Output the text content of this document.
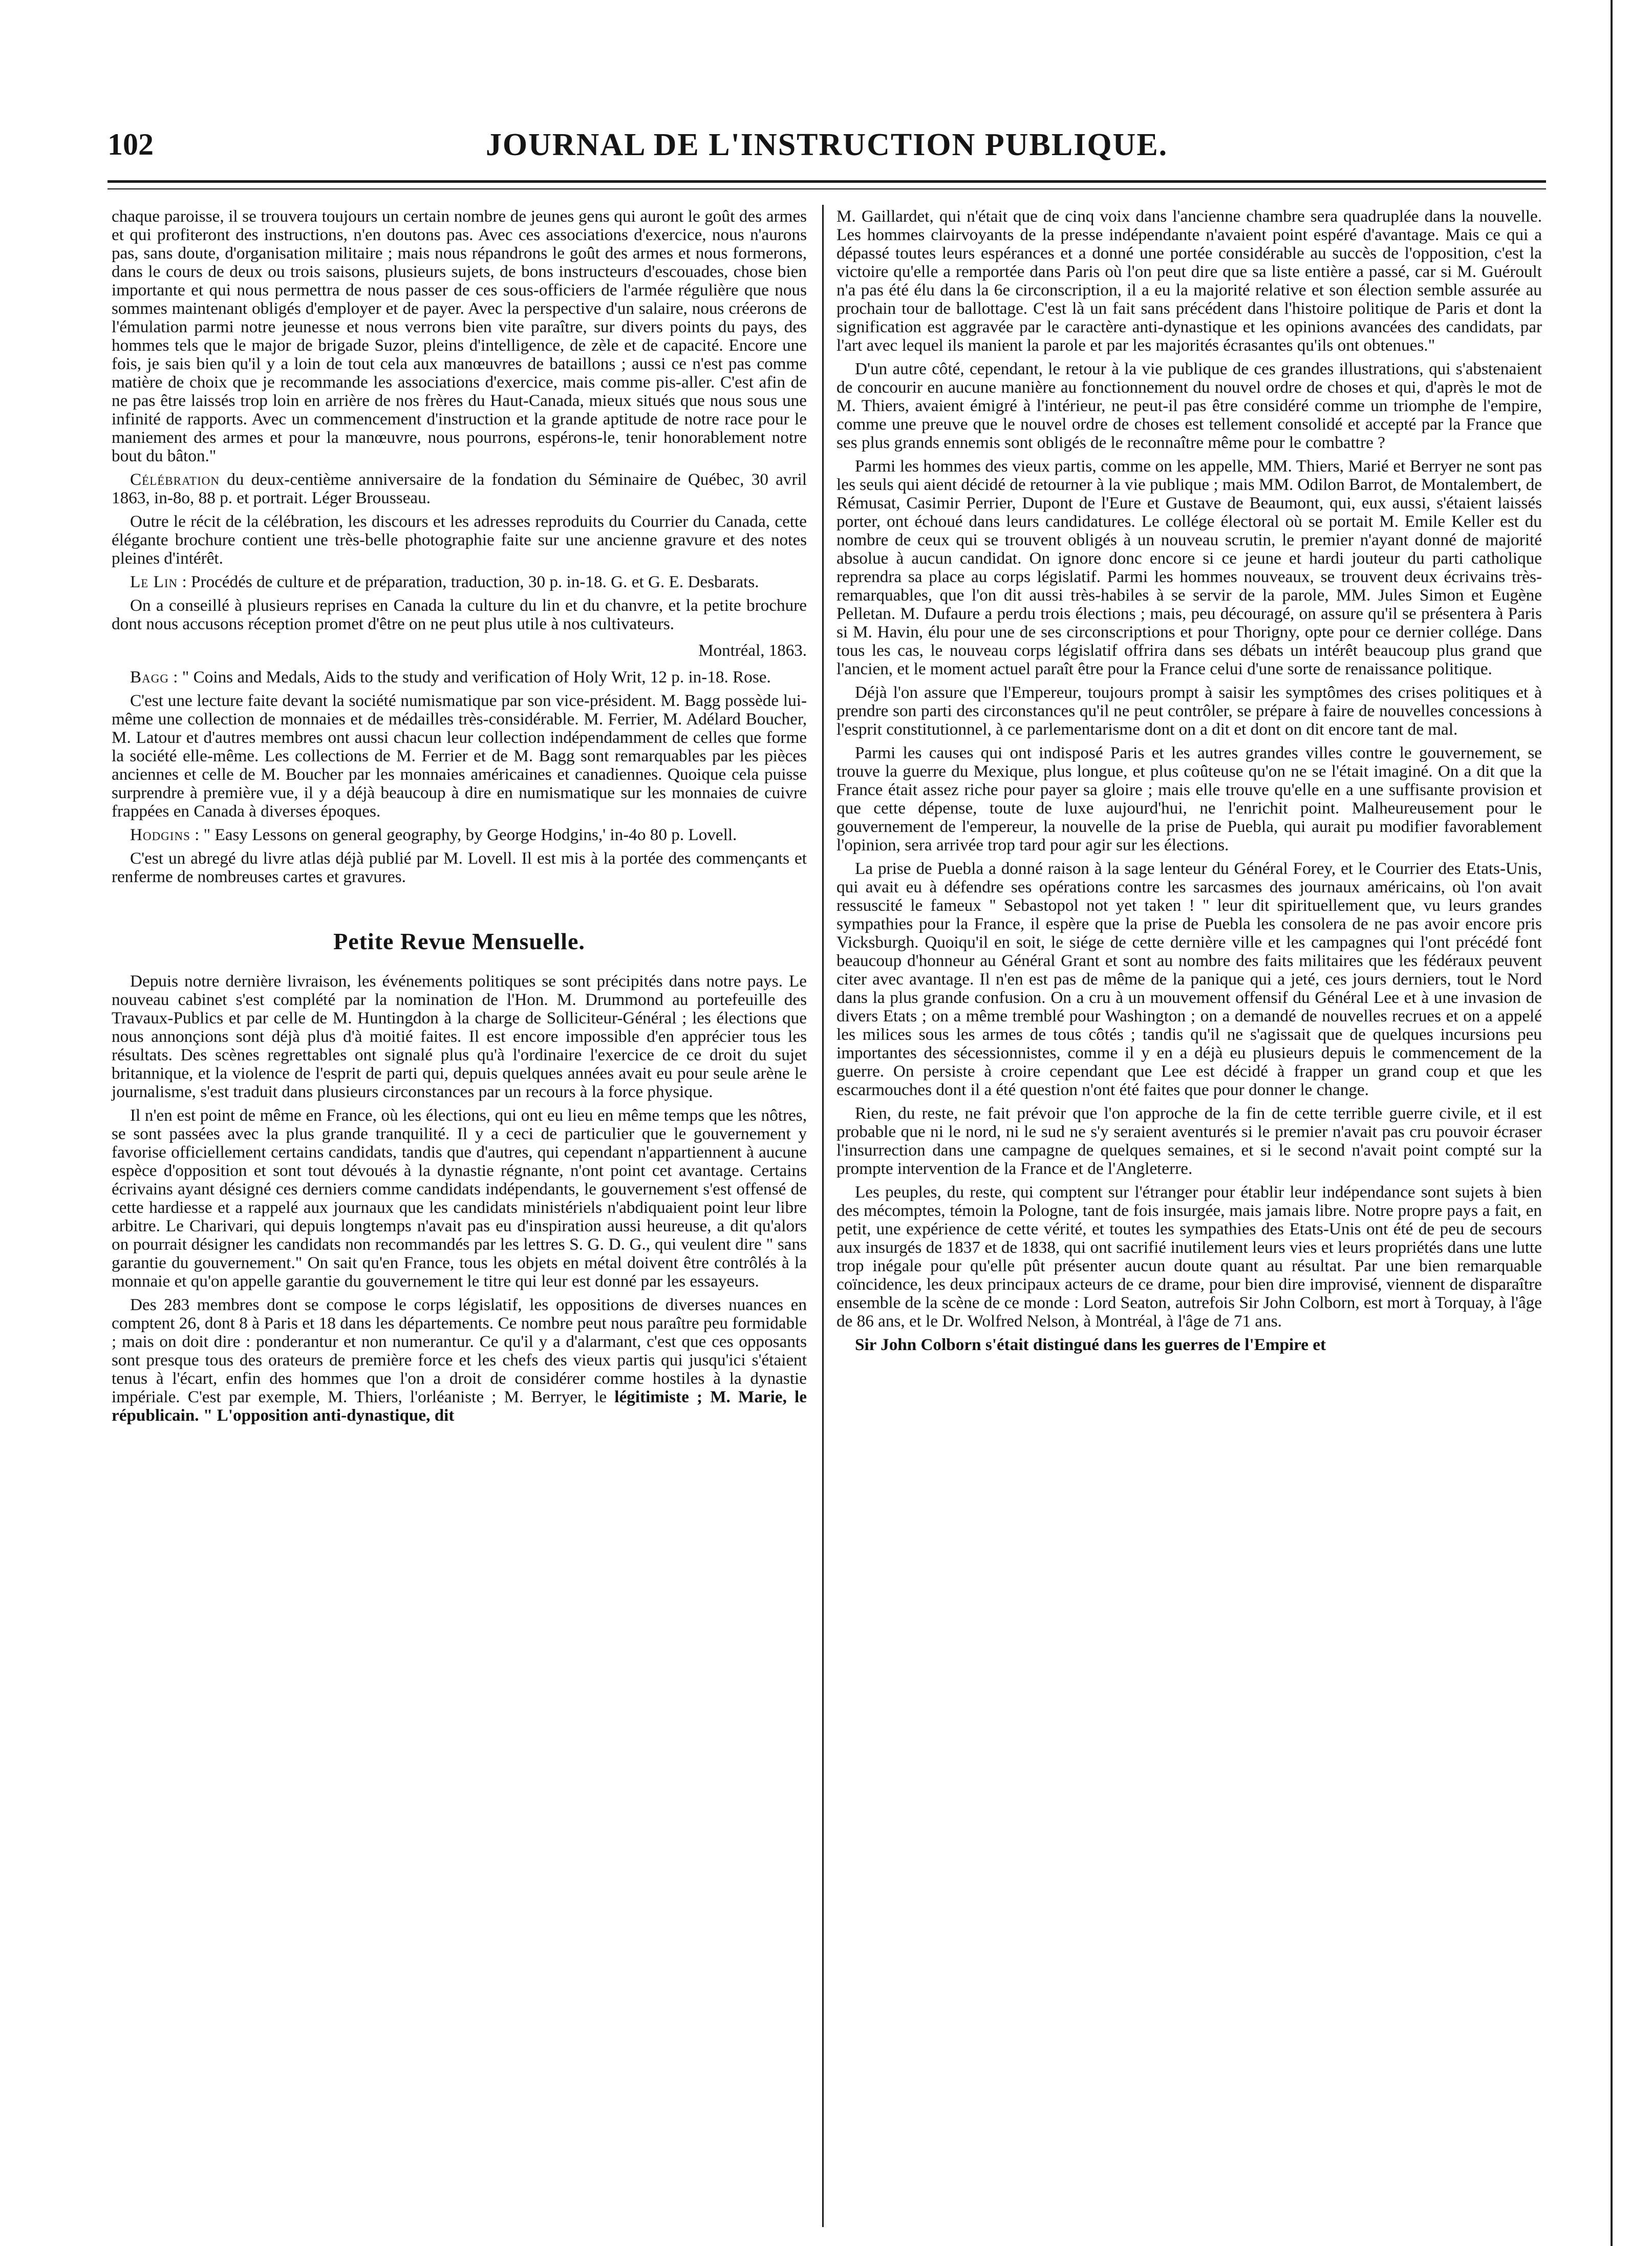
102	JOURNAL DE L'INSTRUCTION PUBLIQUE.

chaque paroisse, il se trouvera toujours un certain nombre de jeunes gens qui auront le goût des armes et qui profiteront des instructions, n'en doutons pas. Avec ces associations d'exercice, nous n'aurons pas, sans doute, d'organisation militaire ; mais nous répandrons le goût des armes et nous formerons, dans le cours de deux ou trois saisons, plusieurs sujets, de bons instructeurs d'escouades, chose bien importante et qui nous permettra de nous passer de ces sous-officiers de l'armée régulière que nous sommes maintenant obligés d'employer et de payer. Avec la perspective d'un salaire, nous créerons de l'émulation parmi notre jeunesse et nous verrons bien vite paraître, sur divers points du pays, des hommes tels que le major de brigade Suzor, pleins d'intelligence, de zèle et de capacité. Encore une fois, je sais bien qu'il y a loin de tout cela aux manœuvres de bataillons ; aussi ce n'est pas comme matière de choix que je recommande les associations d'exercice, mais comme pis-aller. C'est afin de ne pas être laissés trop loin en arrière de nos frères du Haut-Canada, mieux situés que nous sous une infinité de rapports. Avec un commencement d'instruction et la grande aptitude de notre race pour le maniement des armes et pour la manœuvre, nous pourrons, espérons-le, tenir honorablement notre bout du bâton."

Célébration du deux-centième anniversaire de la fondation du Séminaire de Québec, 30 avril 1863, in-8o, 88 p. et portrait. Léger Brousseau.

Outre le récit de la célébration, les discours et les adresses reproduits du Courrier du Canada, cette élégante brochure contient une très-belle photographie faite sur une ancienne gravure et des notes pleines d'intérêt.

Le Lin : Procédés de culture et de préparation, traduction, 30 p. in-18. G. et G. E. Desbarats.

On a conseillé à plusieurs reprises en Canada la culture du lin et du chanvre, et la petite brochure dont nous accusons réception promet d'être on ne peut plus utile à nos cultivateurs.

Montréal, 1863.

Bagg : " Coins and Medals, Aids to the study and verification of Holy Writ, 12 p. in-18. Rose.

C'est une lecture faite devant la société numismatique par son vice-président. M. Bagg possède lui-même une collection de monnaies et de médailles très-considérable. M. Ferrier, M. Adélard Boucher, M. Latour et d'autres membres ont aussi chacun leur collection indépendamment de celles que forme la société elle-même. Les collections de M. Ferrier et de M. Bagg sont remarquables par les pièces anciennes et celle de M. Boucher par les monnaies américaines et canadiennes. Quoique cela puisse surprendre à première vue, il y a déjà beaucoup à dire en numismatique sur les monnaies de cuivre frappées en Canada à diverses époques.

Hodgins : " Easy Lessons on general geography, by George Hodgins,' in-4o 80 p. Lovell.

C'est un abregé du livre atlas déjà publié par M. Lovell. Il est mis à la portée des commençants et renferme de nombreuses cartes et gravures.

Petite Revue Mensuelle.

Depuis notre dernière livraison, les événements politiques se sont précipités dans notre pays. Le nouveau cabinet s'est complété par la nomination de l'Hon. M. Drummond au portefeuille des Travaux-Publics et par celle de M. Huntingdon à la charge de Solliciteur-Général ; les élections que nous annonçions sont déjà plus d'à moitié faites. Il est encore impossible d'en apprécier tous les résultats. Des scènes regrettables ont signalé plus qu'à l'ordinaire l'exercice de ce droit du sujet britannique, et la violence de l'esprit de parti qui, depuis quelques années avait eu pour seule arène le journalisme, s'est traduit dans plusieurs circonstances par un recours à la force physique.

Il n'en est point de même en France, où les élections, qui ont eu lieu en même temps que les nôtres, se sont passées avec la plus grande tranquilité. Il y a ceci de particulier que le gouvernement y favorise officiellement certains candidats, tandis que d'autres, qui cependant n'appartiennent à aucune espèce d'opposition et sont tout dévoués à la dynastie régnante, n'ont point cet avantage. Certains écrivains ayant désigné ces derniers comme candidats indépendants, le gouvernement s'est offensé de cette hardiesse et a rappelé aux journaux que les candidats ministériels n'abdiquaient point leur libre arbitre. Le Charivari, qui depuis longtemps n'avait pas eu d'inspiration aussi heureuse, a dit qu'alors on pourrait désigner les candidats non recommandés par les lettres S. G. D. G., qui veulent dire " sans garantie du gouvernement." On sait qu'en France, tous les objets en métal doivent être contrôlés à la monnaie et qu'on appelle garantie du gouvernement le titre qui leur est donné par les essayeurs.

Des 283 membres dont se compose le corps législatif, les oppositions de diverses nuances en comptent 26, dont 8 à Paris et 18 dans les départements. Ce nombre peut nous paraître peu formidable ; mais on doit dire : ponderantur et non numerantur. Ce qu'il y a d'alarmant, c'est que ces opposants sont presque tous des orateurs de première force et les chefs des vieux partis qui jusqu'ici s'étaient tenus à l'écart, enfin des hommes que l'on a droit de considérer comme hostiles à la dynastie impériale. C'est par exemple, M. Thiers, l'orléaniste ; M. Berryer, le légitimiste ; M. Marie, le républicain. " L'opposition anti-dynastique, dit

M. Gaillardet, qui n'était que de cinq voix dans l'ancienne chambre sera quadruplée dans la nouvelle. Les hommes clairvoyants de la presse indépendante n'avaient point espéré d'avantage. Mais ce qui a dépassé toutes leurs espérances et a donné une portée considérable au succès de l'opposition, c'est la victoire qu'elle a remportée dans Paris où l'on peut dire que sa liste entière a passé, car si M. Guéroult n'a pas été élu dans la 6e circonscription, il a eu la majorité relative et son élection semble assurée au prochain tour de ballottage. C'est là un fait sans précédent dans l'histoire politique de Paris et dont la signification est aggravée par le caractère anti-dynastique et les opinions avancées des candidats, par l'art avec lequel ils manient la parole et par les majorités écrasantes qu'ils ont obtenues."

D'un autre côté, cependant, le retour à la vie publique de ces grandes illustrations, qui s'abstenaient de concourir en aucune manière au fonctionnement du nouvel ordre de choses et qui, d'après le mot de M. Thiers, avaient émigré à l'intérieur, ne peut-il pas être considéré comme un triomphe de l'empire, comme une preuve que le nouvel ordre de choses est tellement consolidé et accepté par la France que ses plus grands ennemis sont obligés de le reconnaître même pour le combattre ?

Parmi les hommes des vieux partis, comme on les appelle, MM. Thiers, Marié et Berryer ne sont pas les seuls qui aient décidé de retourner à la vie publique ; mais MM. Odilon Barrot, de Montalembert, de Rémusat, Casimir Perrier, Dupont de l'Eure et Gustave de Beaumont, qui, eux aussi, s'étaient laissés porter, ont échoué dans leurs candidatures. Le collége électoral où se portait M. Emile Keller est du nombre de ceux qui se trouvent obligés à un nouveau scrutin, le premier n'ayant donné de majorité absolue à aucun candidat. On ignore donc encore si ce jeune et hardi jouteur du parti catholique reprendra sa place au corps législatif. Parmi les hommes nouveaux, se trouvent deux écrivains très-remarquables, que l'on dit aussi très-habiles à se servir de la parole, MM. Jules Simon et Eugène Pelletan. M. Dufaure a perdu trois élections ; mais, peu découragé, on assure qu'il se présentera à Paris si M. Havin, élu pour une de ses circonscriptions et pour Thorigny, opte pour ce dernier collége. Dans tous les cas, le nouveau corps législatif offrira dans ses débats un intérêt beaucoup plus grand que l'ancien, et le moment actuel paraît être pour la France celui d'une sorte de renaissance politique.

Déjà l'on assure que l'Empereur, toujours prompt à saisir les symptômes des crises politiques et à prendre son parti des circonstances qu'il ne peut contrôler, se prépare à faire de nouvelles concessions à l'esprit constitutionnel, à ce parlementarisme dont on a dit et dont on dit encore tant de mal.

Parmi les causes qui ont indisposé Paris et les autres grandes villes contre le gouvernement, se trouve la guerre du Mexique, plus longue, et plus coûteuse qu'on ne se l'était imaginé. On a dit que la France était assez riche pour payer sa gloire ; mais elle trouve qu'elle en a une suffisante provision et que cette dépense, toute de luxe aujourd'hui, ne l'enrichit point. Malheureusement pour le gouvernement de l'empereur, la nouvelle de la prise de Puebla, qui aurait pu modifier favorablement l'opinion, sera arrivée trop tard pour agir sur les élections.

La prise de Puebla a donné raison à la sage lenteur du Général Forey, et le Courrier des Etats-Unis, qui avait eu à défendre ses opérations contre les sarcasmes des journaux américains, où l'on avait ressuscité le fameux " Sebastopol not yet taken ! " leur dit spirituellement que, vu leurs grandes sympathies pour la France, il espère que la prise de Puebla les consolera de ne pas avoir encore pris Vicksburgh. Quoiqu'il en soit, le siége de cette dernière ville et les campagnes qui l'ont précédé font beaucoup d'honneur au Général Grant et sont au nombre des faits militaires que les fédéraux peuvent citer avec avantage. Il n'en est pas de même de la panique qui a jeté, ces jours derniers, tout le Nord dans la plus grande confusion. On a cru à un mouvement offensif du Général Lee et à une invasion de divers Etats ; on a même tremblé pour Washington ; on a demandé de nouvelles recrues et on a appelé les milices sous les armes de tous côtés ; tandis qu'il ne s'agissait que de quelques incursions peu importantes des sécessionnistes, comme il y en a déjà eu plusieurs depuis le commencement de la guerre. On persiste à croire cependant que Lee est décidé à frapper un grand coup et que les escarmouches dont il a été question n'ont été faites que pour donner le change.

Rien, du reste, ne fait prévoir que l'on approche de la fin de cette terrible guerre civile, et il est probable que ni le nord, ni le sud ne s'y seraient aventurés si le premier n'avait pas cru pouvoir écraser l'insurrection dans une campagne de quelques semaines, et si le second n'avait point compté sur la prompte intervention de la France et de l'Angleterre.

Les peuples, du reste, qui comptent sur l'étranger pour établir leur indépendance sont sujets à bien des mécomptes, témoin la Pologne, tant de fois insurgée, mais jamais libre. Notre propre pays a fait, en petit, une expérience de cette vérité, et toutes les sympathies des Etats-Unis ont été de peu de secours aux insurgés de 1837 et de 1838, qui ont sacrifié inutilement leurs vies et leurs propriétés dans une lutte trop inégale pour qu'elle pût présenter aucun doute quant au résultat. Par une bien remarquable coïncidence, les deux principaux acteurs de ce drame, pour bien dire improvisé, viennent de disparaître ensemble de la scène de ce monde : Lord Seaton, autrefois Sir John Colborn, est mort à Torquay, à l'âge de 86 ans, et le Dr. Wolfred Nelson, à Montréal, à l'âge de 71 ans.

Sir John Colborn s'était distingué dans les guerres de l'Empire et
